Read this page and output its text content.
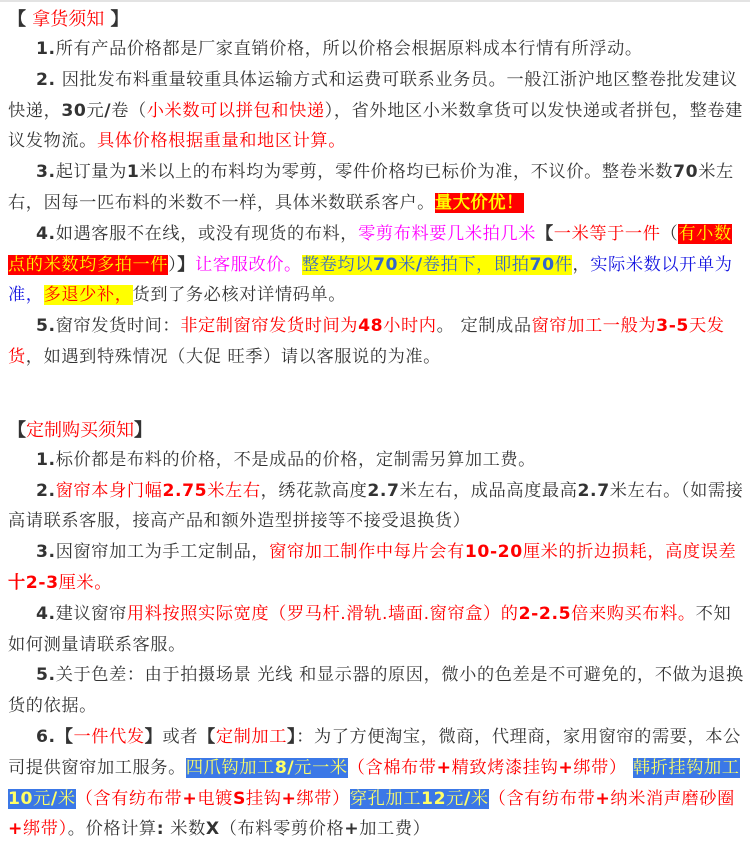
【 拿货须知 】
1.所有产品价格都是厂家直销价格，所以价格会根据原料成本行情有所浮动。
2. 因批发布料重量较重具体运输方式和运费可联系业务员。一般江浙沪地区整卷批发建议快递，30元/卷（小米数可以拼包和快递），省外地区小米数拿货可以发快递或者拼包，整卷建议发物流。具体价格根据重量和地区计算。
3.起订量为1米以上的布料均为零剪，零件价格均已标价为准，不议价。整卷米数70米左右，因每一匹布料的米数不一样，具体米数联系客户。量大价优！
4.如遇客服不在线，或没有现货的布料，零剪布料要几米拍几米【一米等于一件（有小数点的米数均多拍一件）】让客服改价。整卷均以70米/卷拍下，即拍70件，实际米数以开单为准，多退少补，货到了务必核对详情码单。
5.窗帘发货时间：非定制窗帘发货时间为48小时内。 定制成品窗帘加工一般为3-5天发货，如遇到特殊情况（大促 旺季）请以客服说的为准。
【定制购买须知】
1.标价都是布料的价格，不是成品的价格，定制需另算加工费。
2.窗帘本身门幅2.75米左右，绣花款高度2.7米左右，成品高度最高2.7米左右。（如需接高请联系客服，接高产品和额外造型拼接等不接受退换货）
3.因窗帘加工为手工定制品，窗帘加工制作中每片会有10-20厘米的折边损耗，高度误差 十2-3厘米。
4.建议窗帘用料按照实际宽度（罗马杆.滑轨.墙面.窗帘盒）的2-2.5倍来购买布料。不知如何测量请联系客服。
5.关于色差：由于拍摄场景 光线 和显示器的原因，微小的色差是不可避免的，不做为退换货的依据。
6.【一件代发】或者【定制加工】：为了方便淘宝，微商，代理商，家用窗帘的需要，本公司提供窗帘加工服务。四爪钩加工8/元一米（含棉布带+精致烤漆挂钩+绑带） 韩折挂钩加工10元/米（含有纺布带+电镀S挂钩+绑带）穿孔加工12元/米（含有纺布带+纳米消声磨砂圈+绑带）。价格计算: 米数X（布料零剪价格+加工费）
